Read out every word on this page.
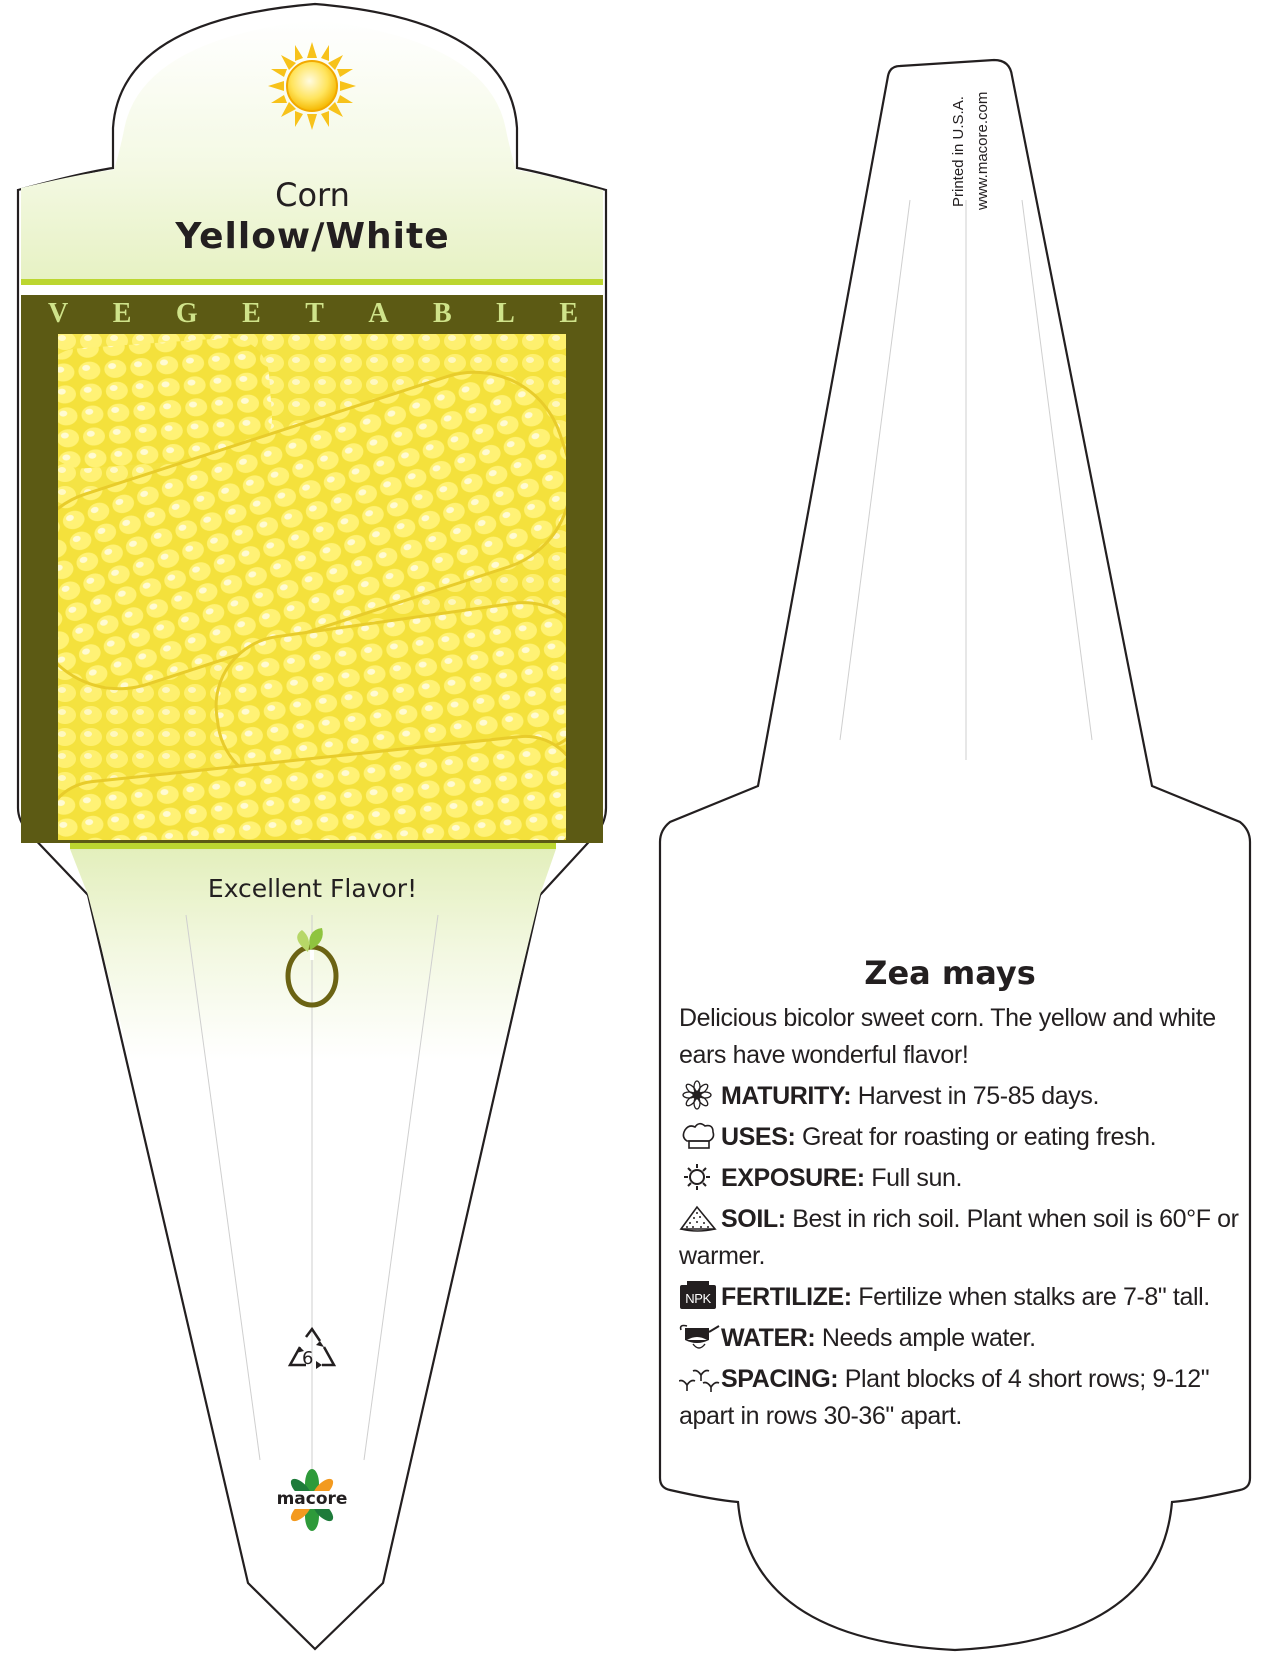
Corn
Yellow/White
V E G E T A B L E
Excellent Flavor!
6
macore
Printed in U.S.A. www.macore.com
Zea mays
Delicious bicolor sweet corn. The yellow and white ears have wonderful flavor!
MATURITY: Harvest in 75-85 days.
USES: Great for roasting or eating fresh.
EXPOSURE: Full sun.
SOIL: Best in rich soil. Plant when soil is 60°F or warmer.
NPK FERTILIZE: Fertilize when stalks are 7-8" tall.
WATER: Needs ample water.
SPACING: Plant blocks of 4 short rows; 9-12" apart in rows 30-36" apart.
